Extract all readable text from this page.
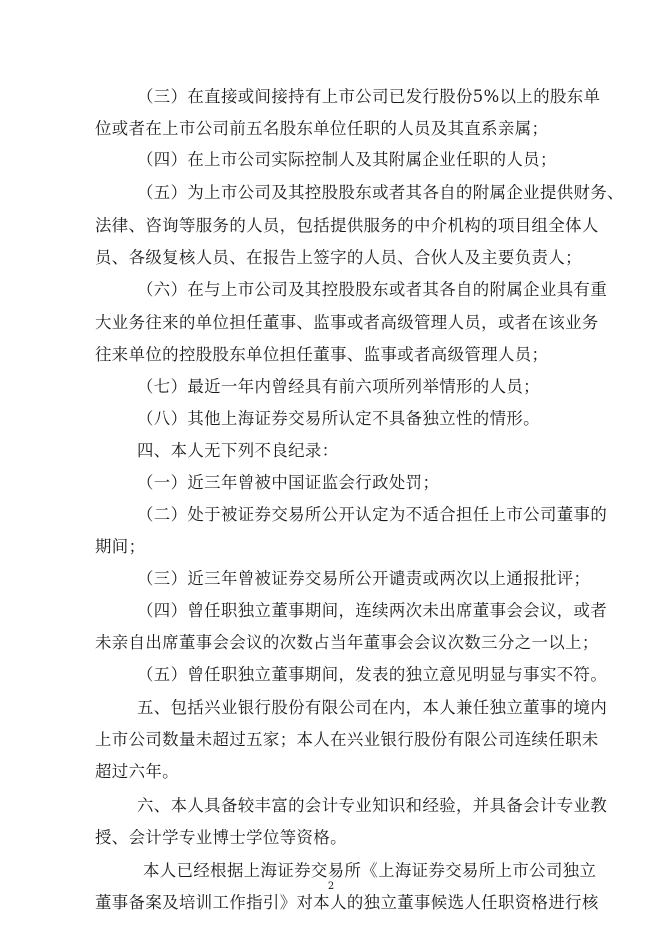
（三）在直接或间接持有上市公司已发行股份5%以上的股东单
位或者在上市公司前五名股东单位任职的人员及其直系亲属；
（四）在上市公司实际控制人及其附属企业任职的人员；
（五）为上市公司及其控股股东或者其各自的附属企业提供财务、
法律、咨询等服务的人员，包括提供服务的中介机构的项目组全体人
员、各级复核人员、在报告上签字的人员、合伙人及主要负责人；
（六）在与上市公司及其控股股东或者其各自的附属企业具有重
大业务往来的单位担任董事、监事或者高级管理人员，或者在该业务
往来单位的控股股东单位担任董事、监事或者高级管理人员；
（七）最近一年内曾经具有前六项所列举情形的人员；
（八）其他上海证券交易所认定不具备独立性的情形。
四、本人无下列不良纪录：
（一）近三年曾被中国证监会行政处罚；
（二）处于被证券交易所公开认定为不适合担任上市公司董事的
期间；
（三）近三年曾被证券交易所公开谴责或两次以上通报批评；
（四）曾任职独立董事期间，连续两次未出席董事会会议，或者
未亲自出席董事会会议的次数占当年董事会会议次数三分之一以上；
（五）曾任职独立董事期间，发表的独立意见明显与事实不符。
五、包括兴业银行股份有限公司在内，本人兼任独立董事的境内
上市公司数量未超过五家；本人在兴业银行股份有限公司连续任职未
超过六年。
六、本人具备较丰富的会计专业知识和经验，并具备会计专业教
授、会计学专业博士学位等资格。
本人已经根据上海证券交易所《上海证券交易所上市公司独立
董事备案及培训工作指引》对本人的独立董事候选人任职资格进行核
2
